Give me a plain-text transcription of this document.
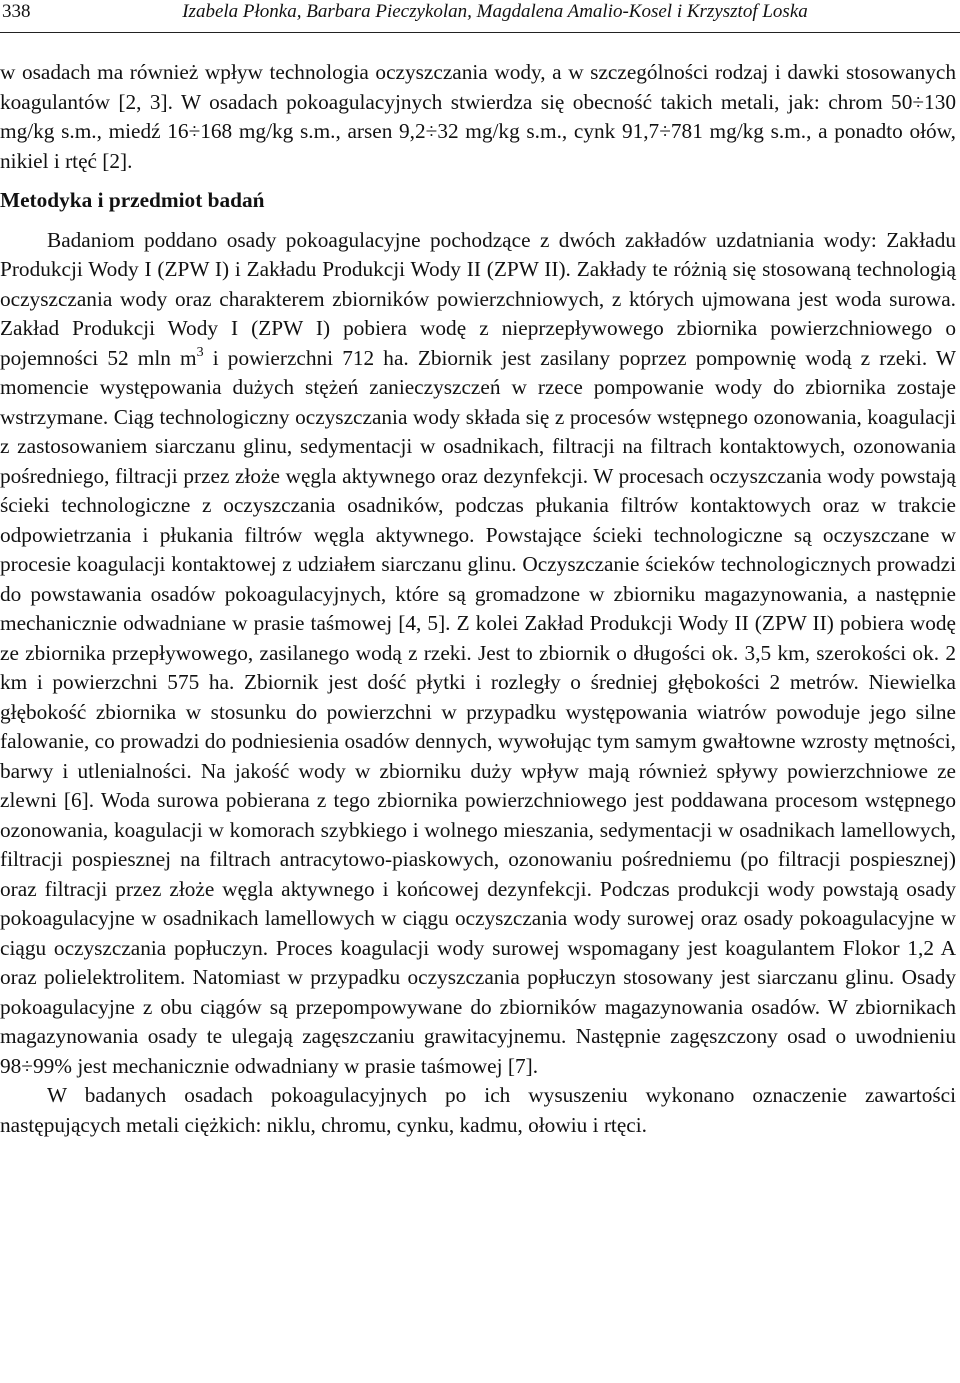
338	Izabela Płonka, Barbara Pieczykolan, Magdalena Amalio-Kosel i Krzysztof Loska

w osadach ma również wpływ technologia oczyszczania wody, a w szczególności rodzaj i dawki stosowanych koagulantów [2, 3]. W osadach pokoagulacyjnych stwierdza się obecność takich metali, jak: chrom 50÷130 mg/kg s.m., miedź 16÷168 mg/kg s.m., arsen 9,2÷32 mg/kg s.m., cynk 91,7÷781 mg/kg s.m., a ponadto ołów, nikiel i rtęć [2].

Metodyka i przedmiot badań

Badaniom poddano osady pokoagulacyjne pochodzące z dwóch zakładów uzdatniania wody: Zakładu Produkcji Wody I (ZPW I) i Zakładu Produkcji Wody II (ZPW II). Zakłady te różnią się stosowaną technologią oczyszczania wody oraz charakterem zbiorników powierzchniowych, z których ujmowana jest woda surowa. Zakład Produkcji Wody I (ZPW I) pobiera wodę z nieprzepływowego zbiornika powierzchniowego o pojemności 52 mln $m^3$ i powierzchni 712 ha. Zbiornik jest zasilany poprzez pompownię wodą z rzeki. W momencie występowania dużych stężeń zanieczyszczeń w rzece pompowanie wody do zbiornika zostaje wstrzymane. Ciąg technologiczny oczyszczania wody składa się z procesów wstępnego ozonowania, koagulacji z zastosowaniem siarczanu glinu, sedymentacji w osadnikach, filtracji na filtrach kontaktowych, ozonowania pośredniego, filtracji przez złoże węgla aktywnego oraz dezynfekcji. W procesach oczyszczania wody powstają ścieki technologiczne z oczyszczania osadników, podczas płukania filtrów kontaktowych oraz w trakcie odpowietrzania i płukania filtrów węgla aktywnego. Powstające ścieki technologiczne są oczyszczane w procesie koagulacji kontaktowej z udziałem siarczanu glinu. Oczyszczanie ścieków technologicznych prowadzi do powstawania osadów pokoagulacyjnych, które są gromadzone w zbiorniku magazynowania, a następnie mechanicznie odwadniane w prasie taśmowej [4, 5]. Z kolei Zakład Produkcji Wody II (ZPW II) pobiera wodę ze zbiornika przepływowego, zasilanego wodą z rzeki. Jest to zbiornik o długości ok. 3,5 km, szerokości ok. 2 km i powierzchni 575 ha. Zbiornik jest dość płytki i rozległy o średniej głębokości 2 metrów. Niewielka głębokość zbiornika w stosunku do powierzchni w przypadku występowania wiatrów powoduje jego silne falowanie, co prowadzi do podniesienia osadów dennych, wywołując tym samym gwałtowne wzrosty mętności, barwy i utlenialności. Na jakość wody w zbiorniku duży wpływ mają również spływy powierzchniowe ze zlewni [6]. Woda surowa pobierana z tego zbiornika powierzchniowego jest poddawana procesom wstępnego ozonowania, koagulacji w komorach szybkiego i wolnego mieszania, sedymentacji w osadnikach lamellowych, filtracji pospiesznej na filtrach antracytowo-piaskowych, ozonowaniu pośredniemu (po filtracji pospiesznej) oraz filtracji przez złoże węgla aktywnego i końcowej dezynfekcji. Podczas produkcji wody powstają osady pokoagulacyjne w osadnikach lamellowych w ciągu oczyszczania wody surowej oraz osady pokoagulacyjne w ciągu oczyszczania popłuczyn. Proces koagulacji wody surowej wspomagany jest koagulantem Flokor 1,2 A oraz polielektrolitem. Natomiast w przypadku oczyszczania popłuczyn stosowany jest siarczanu glinu. Osady pokoagulacyjne z obu ciągów są przepompowywane do zbiorników magazynowania osadów. W zbiornikach magazynowania osady te ulegają zagęszczaniu grawitacyjnemu. Następnie zagęszczony osad o uwodnieniu 98÷99% jest mechanicznie odwadniany w prasie taśmowej [7].

W badanych osadach pokoagulacyjnych po ich wysuszeniu wykonano oznaczenie zawartości następujących metali ciężkich: niklu, chromu, cynku, kadmu, ołowiu i rtęci.
